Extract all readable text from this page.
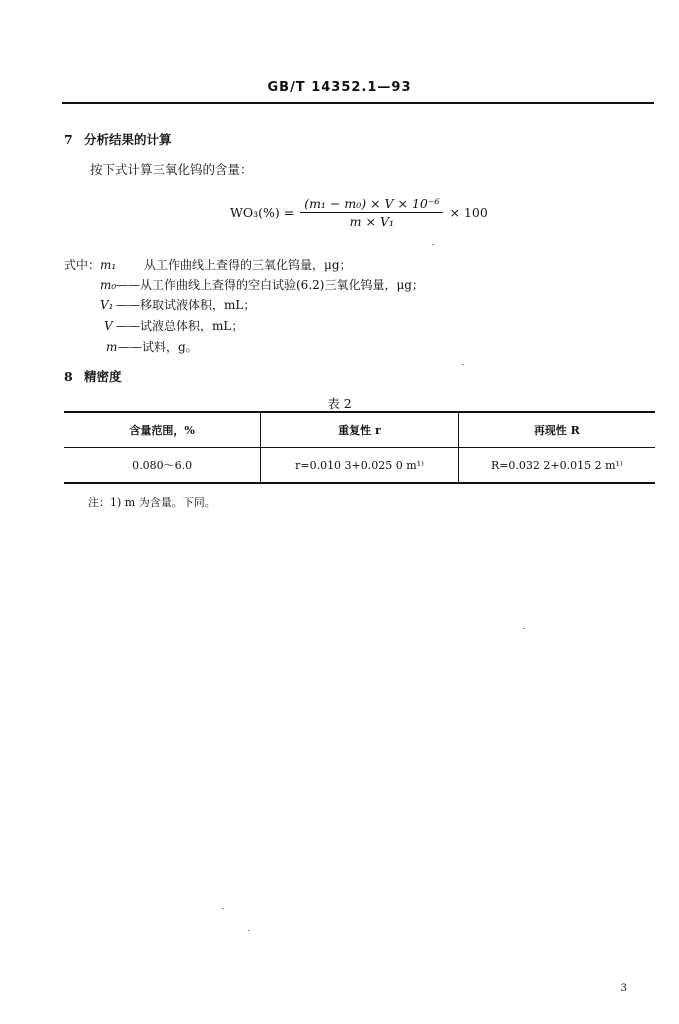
GB/T 14352.1—93
7 分析结果的计算
按下式计算三氧化钨的含量：
$WO_3(\%) = \frac{\text{(m₁ − m₀) × V × 10⁻⁶}}{\text{m × V₁}} \times 100$
式中：m₁ 从工作曲线上查得的三氧化钨量，μg；
m₀——从工作曲线上查得的空白试验(6.2)三氧化钨量，μg；
V₁ ——移取试液体积，mL；
V ——试液总体积，mL；
m——试料，g。
8 精密度
表 2
含量范围，%	重复性 r	再现性 R
0.080～6.0	r=0.010 3+0.025 0 m¹⁾	R=0.032 2+0.015 2 m¹⁾
注：1) m 为含量。下同。
3
